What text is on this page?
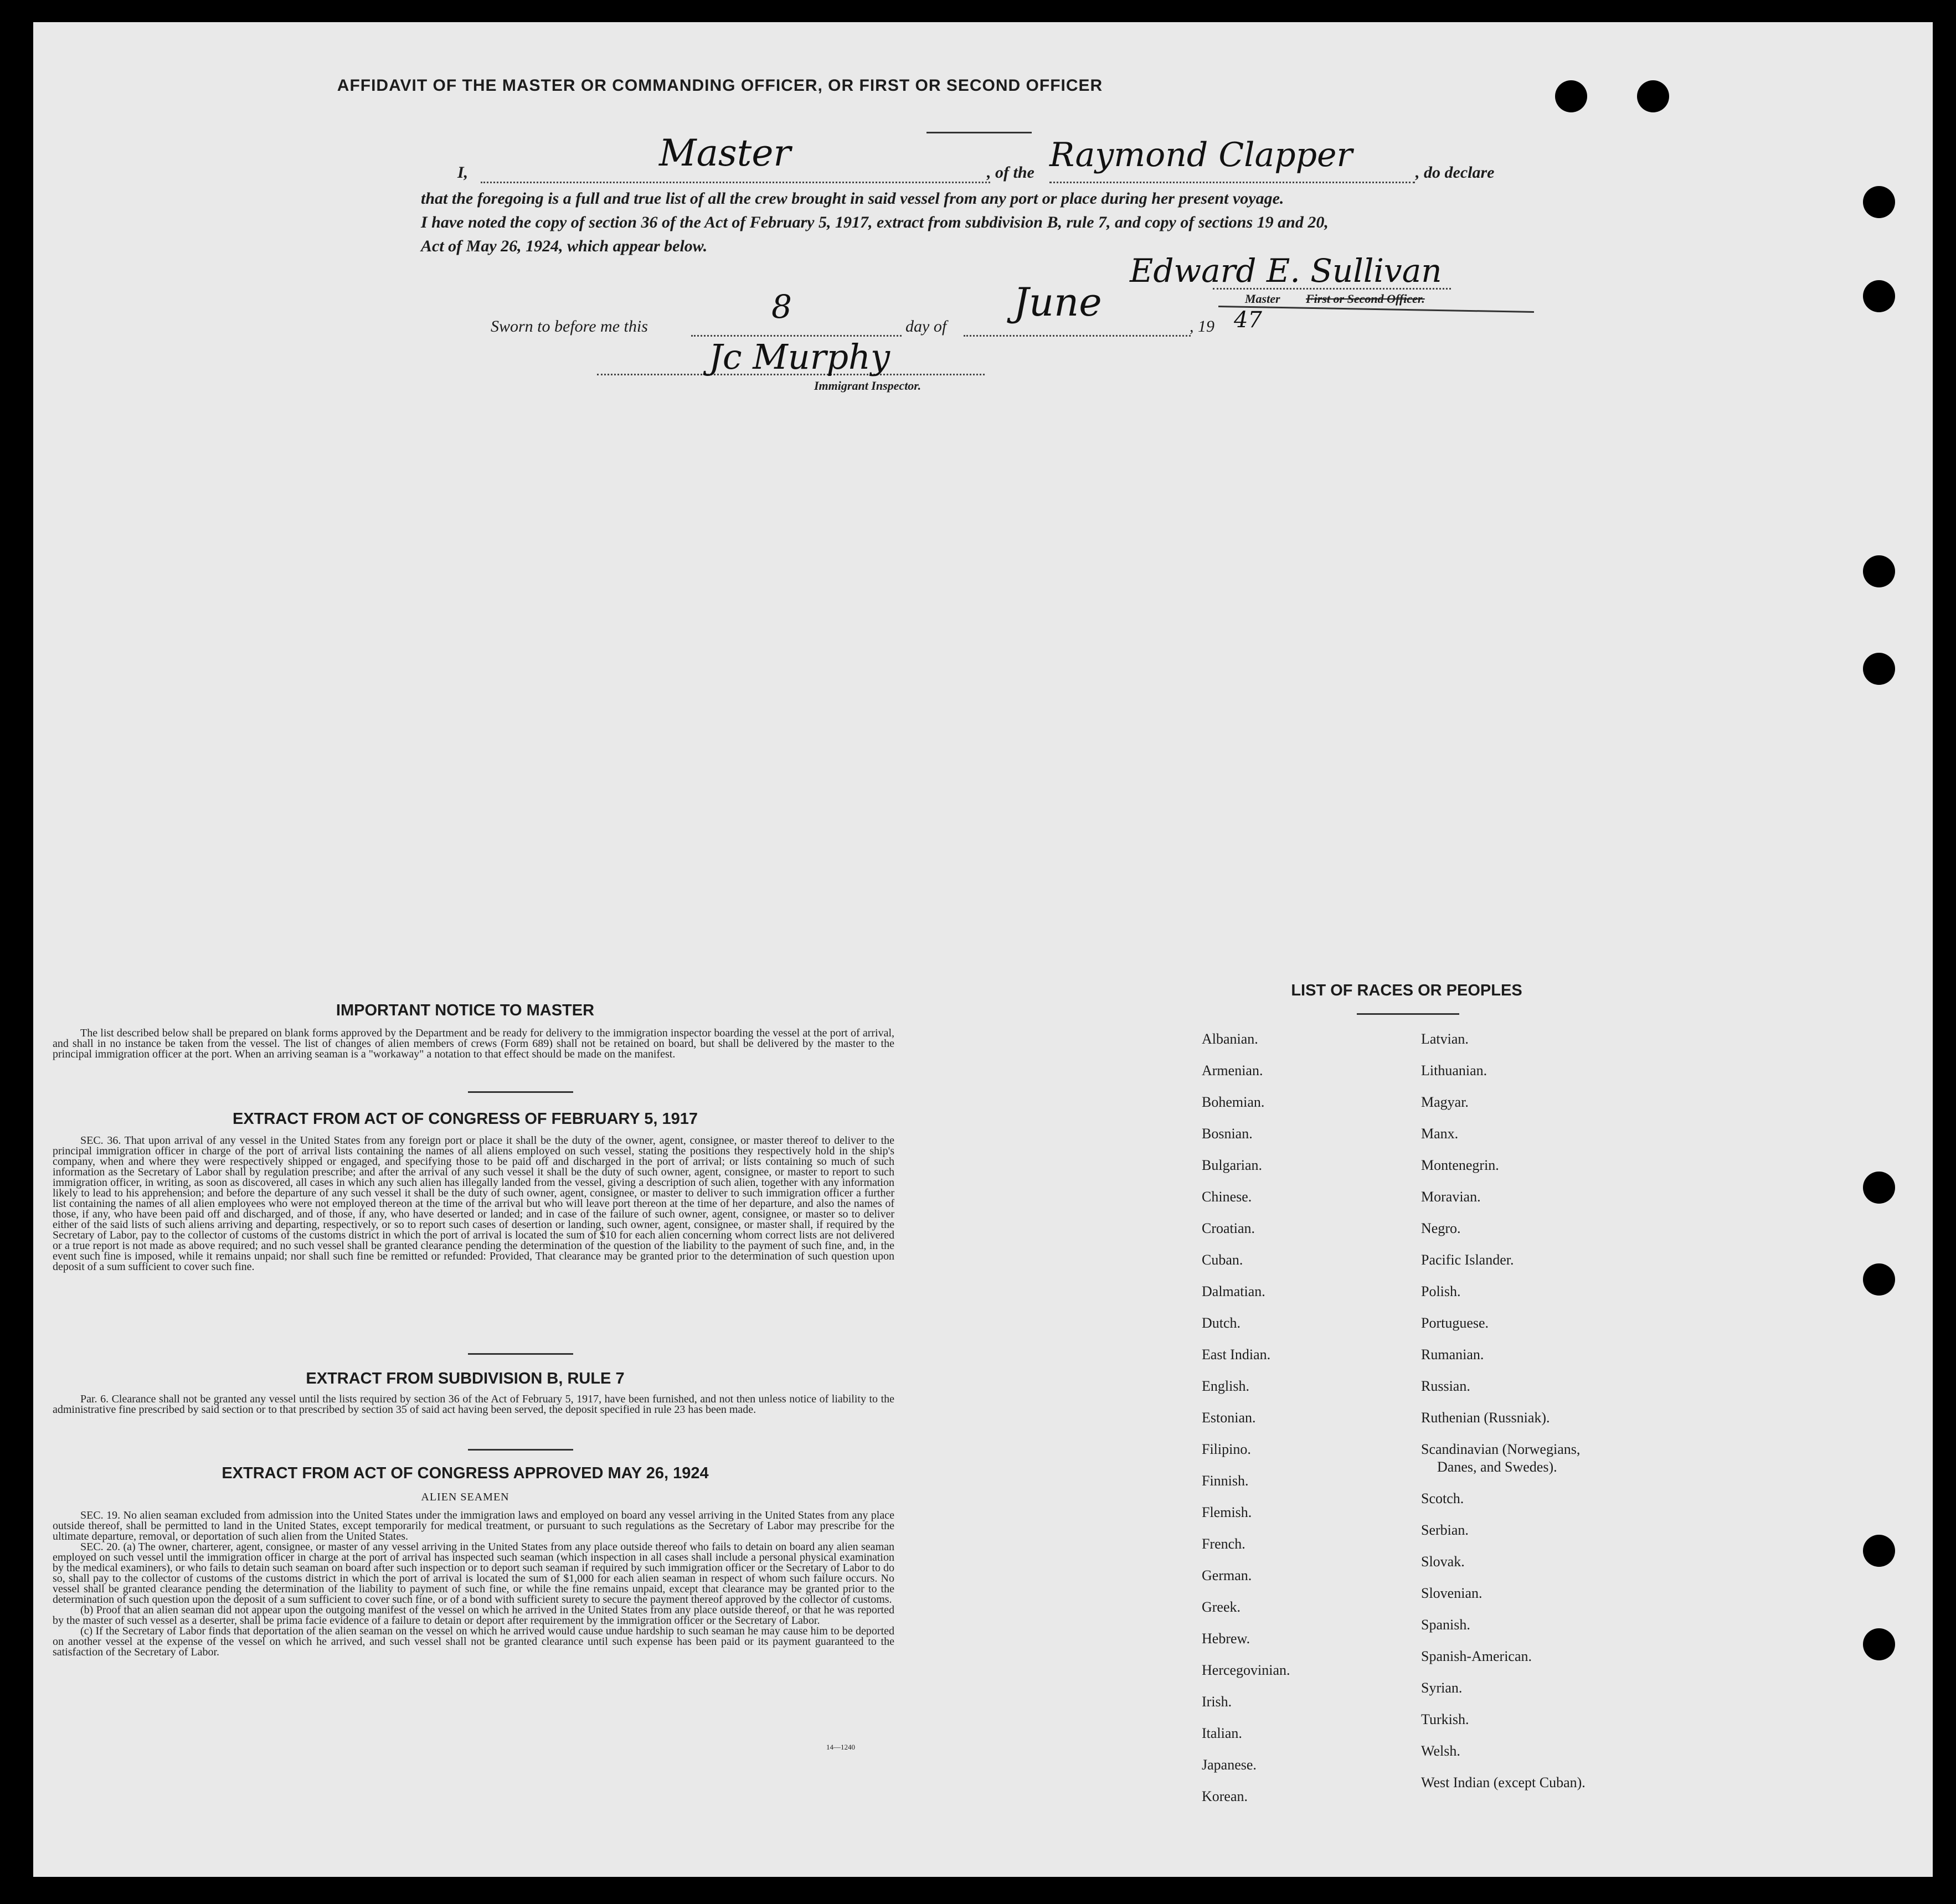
AFFIDAVIT OF THE MASTER OR COMMANDING OFFICER, OR FIRST OR SECOND OFFICER
I,	Master	, of the Raymond Clapper	, do declare
that the foregoing is a full and true list of all the crew brought in said vessel from any port or place during her present voyage.
I have noted the copy of section 36 of the Act of February 5, 1917, extract from subdivision B, rule 7, and copy of sections 19 and 20,
Act of May 26, 1924, which appear below.
Edward E. Sullivan
Master First or Second Officer.
Sworn to before me this
8
day of
June
, 19 47
Jc Murphy
Immigrant Inspector.
IMPORTANT NOTICE TO MASTER
The list described below shall be prepared on blank forms approved by the Department and be ready for delivery to the immigration inspector boarding the vessel at the port of arrival, and shall in no instance be taken from the vessel. The list of changes of alien members of crews (Form 689) shall not be retained on board, but shall be delivered by the master to the principal immigration officer at the port. When an arriving seaman is a "workaway" a notation to that effect should be made on the manifest.
EXTRACT FROM ACT OF CONGRESS OF FEBRUARY 5, 1917
SEC. 36. That upon arrival of any vessel in the United States from any foreign port or place it shall be the duty of the owner, agent, consignee, or master thereof to deliver to the principal immigration officer in charge of the port of arrival lists containing the names of all aliens employed on such vessel, stating the positions they respectively hold in the ship's company, when and where they were respectively shipped or engaged, and specifying those to be paid off and discharged in the port of arrival; or lists containing so much of such information as the Secretary of Labor shall by regulation prescribe; and after the arrival of any such vessel it shall be the duty of such owner, agent, consignee, or master to report to such immigration officer, in writing, as soon as discovered, all cases in which any such alien has illegally landed from the vessel, giving a description of such alien, together with any information likely to lead to his apprehension; and before the departure of any such vessel it shall be the duty of such owner, agent, consignee, or master to deliver to such immigration officer a further list containing the names of all alien employees who were not employed thereon at the time of the arrival but who will leave port thereon at the time of her departure, and also the names of those, if any, who have been paid off and discharged, and of those, if any, who have deserted or landed; and in case of the failure of such owner, agent, consignee, or master so to deliver either of the said lists of such aliens arriving and departing, respectively, or so to report such cases of desertion or landing, such owner, agent, consignee, or master shall, if required by the Secretary of Labor, pay to the collector of customs of the customs district in which the port of arrival is located the sum of $10 for each alien concerning whom correct lists are not delivered or a true report is not made as above required; and no such vessel shall be granted clearance pending the determination of the question of the liability to the payment of such fine, and, in the event such fine is imposed, while it remains unpaid; nor shall such fine be remitted or refunded: Provided, That clearance may be granted prior to the determination of such question upon deposit of a sum sufficient to cover such fine.
EXTRACT FROM SUBDIVISION B, RULE 7
Par. 6. Clearance shall not be granted any vessel until the lists required by section 36 of the Act of February 5, 1917, have been furnished, and not then unless notice of liability to the administrative fine prescribed by said section or to that prescribed by section 35 of said act having been served, the deposit specified in rule 23 has been made.
EXTRACT FROM ACT OF CONGRESS APPROVED MAY 26, 1924
ALIEN SEAMEN

SEC. 19. No alien seaman excluded from admission into the United States under the immigration laws and employed on board any vessel arriving in the United States from any place outside thereof, shall be permitted to land in the United States, except temporarily for medical treatment, or pursuant to such regulations as the Secretary of Labor may prescribe for the ultimate departure, removal, or deportation of such alien from the United States.

SEC. 20. (a) The owner, charterer, agent, consignee, or master of any vessel arriving in the United States from any place outside thereof who fails to detain on board any alien seaman employed on such vessel until the immigration officer in charge at the port of arrival has inspected such seaman (which inspection in all cases shall include a personal physical examination by the medical examiners), or who fails to detain such seaman on board after such inspection or to deport such seaman if required by such immigration officer or the Secretary of Labor to do so, shall pay to the collector of customs of the customs district in which the port of arrival is located the sum of $1,000 for each alien seaman in respect of whom such failure occurs. No vessel shall be granted clearance pending the determination of the liability to payment of such fine, or while the fine remains unpaid, except that clearance may be granted prior to the determination of such question upon the deposit of a sum sufficient to cover such fine, or of a bond with sufficient surety to secure the payment thereof approved by the collector of customs.

(b) Proof that an alien seaman did not appear upon the outgoing manifest of the vessel on which he arrived in the United States from any place outside thereof, or that he was reported by the master of such vessel as a deserter, shall be prima facie evidence of a failure to detain or deport after requirement by the immigration officer or the Secretary of Labor.

(c) If the Secretary of Labor finds that deportation of the alien seaman on the vessel on which he arrived would cause undue hardship to such seaman he may cause him to be deported on another vessel at the expense of the vessel on which he arrived, and such vessel shall not be granted clearance until such expense has been paid or its payment guaranteed to the satisfaction of the Secretary of Labor.

14—1240
LIST OF RACES OR PEOPLES
Albanian.
Armenian.
Bohemian.
Bosnian.
Bulgarian.
Chinese.
Croatian.
Cuban.
Dalmatian.
Dutch.
East Indian.
English.
Estonian.
Filipino.
Finnish.
Flemish.
French.
German.
Greek.
Hebrew.
Hercegovinian.
Irish.
Italian.
Japanese.
Korean.
Latvian.
Lithuanian.
Magyar.
Manx.
Montenegrin.
Moravian.
Negro.
Pacific Islander.
Polish.
Portuguese.
Rumanian.
Russian.
Ruthenian (Russniak).
Scandinavian (Norwegians,
Danes, and Swedes).
Scotch.
Serbian.
Slovak.
Slovenian.
Spanish.
Spanish-American.
Syrian.
Turkish.
Welsh.
West Indian (except Cuban).
